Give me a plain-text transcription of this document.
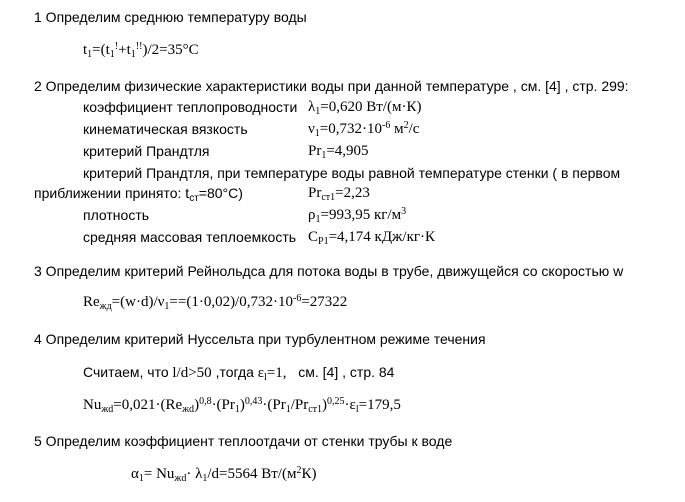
1 Определим среднюю температуру воды
$t_1=(t_1^!+t_1^{!!})/2=35^\circ C$
2 Определим физические характеристики воды при данной температуре , см. [4] , стр. 299:
коэффициент теплопроводности $\lambda_1=0,620$ Вт/(м·К)
кинематическая вязкость	$\nu_1=0,732\cdot 10^{-6}$ $м^2/с$
критерий Прандтля	$Pr_1=4,905$
критерий Прандтля, при температуре воды равной температуре стенки ( в первом
приближении принято: $t_{ст}=80^\circ С$)	$Pr_{ст1}=2,23$
плотность	$\rho_1=993,95$ $кг/м^3$
средняя массовая теплоемкость $C_{P1}=4,174$ кДж/кг·К
3 Определим критерий Рейнольдса для потока воды в трубе, движущейся со скоростью w
$Re_{жд}=(w\cdot d)/\nu_1==(1\cdot 0,02)/0,732\cdot 10^{-6}=27322$
4 Определим критерий Нуссельта при турбулентном режиме течения
Считаем, что l/d>50 ,тогда $\varepsilon_l=1$, см. [4] , стр. 84
$Nu_{жd}=0,021\cdot(Re_{жd})^{0,8}\cdot(Pr_1)^{0,43}\cdot(Pr_1/Pr_{ст1})^{0,25}\cdot\varepsilon_l=179,5$
5 Определим коэффициент теплоотдачи от стенки трубы к воде
$\alpha_1= Nu_{жd}\cdot \lambda_1/d=5564$ $Вт/(м^2К)$
